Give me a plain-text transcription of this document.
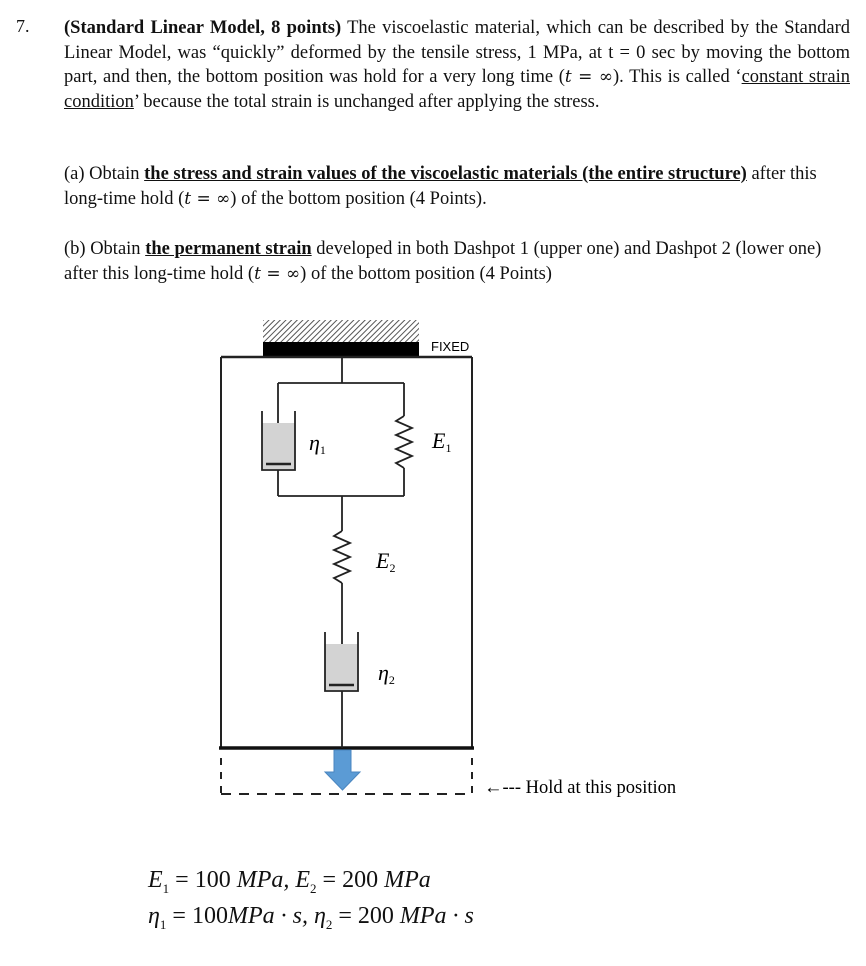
7. (Standard Linear Model, 8 points) The viscoelastic material, which can be described by the Standard Linear Model, was “quickly” deformed by the tensile stress, 1 MPa, at t = 0 sec by moving the bottom part, and then, the bottom position was hold for a very long time (t = ∞). This is called ‘constant strain condition’ because the total strain is unchanged after applying the stress.
(a) Obtain the stress and strain values of the viscoelastic materials (the entire structure) after this long-time hold (t = ∞) of the bottom position (4 Points).
(b) Obtain the permanent strain developed in both Dashpot 1 (upper one) and Dashpot 2 (lower one) after this long-time hold (t = ∞) of the bottom position (4 Points)
FIXED
η1	E1
E2
η2
←--- Hold at this position
$E_1 = 100$ MPa, $E_2 = 200$ MPa
$\eta_1 = 100MPa \cdot s$, $\eta_2 = 200$ MPa · s
